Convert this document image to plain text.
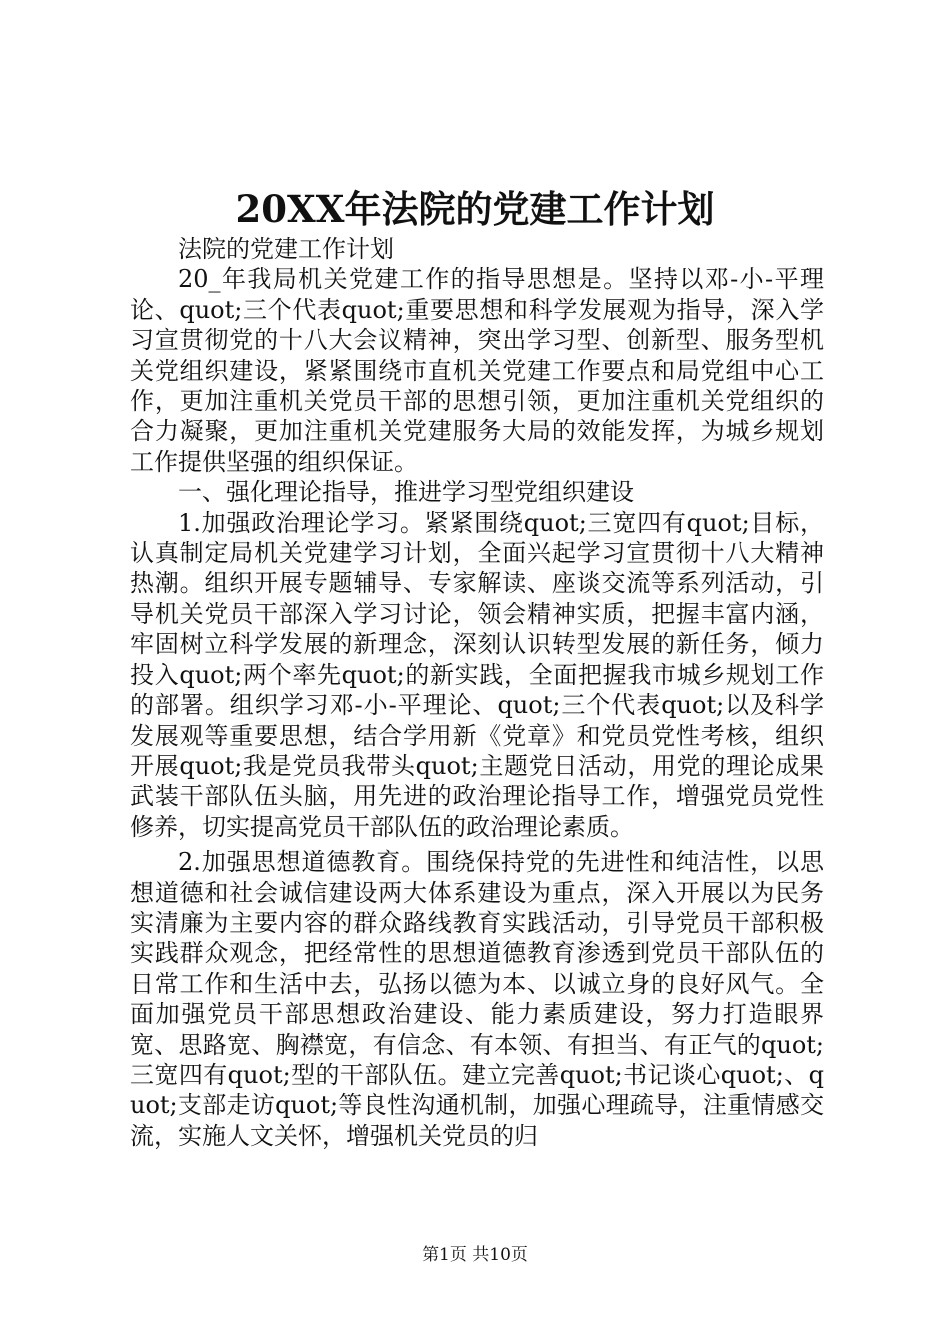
20XX年法院的党建工作计划

法院的党建工作计划

20_年我局机关党建工作的指导思想是。坚持以邓-小-平理论、quot;三个代表quot;重要思想和科学发展观为指导，深入学习宣贯彻党的十八大会议精神，突出学习型、创新型、服务型机关党组织建设，紧紧围绕市直机关党建工作要点和局党组中心工作，更加注重机关党员干部的思想引领，更加注重机关党组织的合力凝聚，更加注重机关党建服务大局的效能发挥，为城乡规划工作提供坚强的组织保证。

一、强化理论指导，推进学习型党组织建设

1.加强政治理论学习。紧紧围绕quot;三宽四有quot;目标，认真制定局机关党建学习计划，全面兴起学习宣贯彻十八大精神热潮。组织开展专题辅导、专家解读、座谈交流等系列活动，引导机关党员干部深入学习讨论，领会精神实质，把握丰富内涵，牢固树立科学发展的新理念，深刻认识转型发展的新任务，倾力投入quot;两个率先quot;的新实践，全面把握我市城乡规划工作的部署。组织学习邓-小-平理论、quot;三个代表quot;以及科学发展观等重要思想，结合学用新《党章》和党员党性考核，组织开展quot;我是党员我带头quot;主题党日活动，用党的理论成果武装干部队伍头脑，用先进的政治理论指导工作，增强党员党性修养，切实提高党员干部队伍的政治理论素质。

2.加强思想道德教育。围绕保持党的先进性和纯洁性，以思想道德和社会诚信建设两大体系建设为重点，深入开展以为民务实清廉为主要内容的群众路线教育实践活动，引导党员干部积极实践群众观念，把经常性的思想道德教育渗透到党员干部队伍的日常工作和生活中去，弘扬以德为本、以诚立身的良好风气。全面加强党员干部思想政治建设、能力素质建设，努力打造眼界宽、思路宽、胸襟宽，有信念、有本领、有担当、有正气的quot;三宽四有quot;型的干部队伍。建立完善quot;书记谈心quot;、quot;支部走访quot;等良性沟通机制，加强心理疏导，注重情感交流，实施人文关怀，增强机关党员的归

第1页 共10页
